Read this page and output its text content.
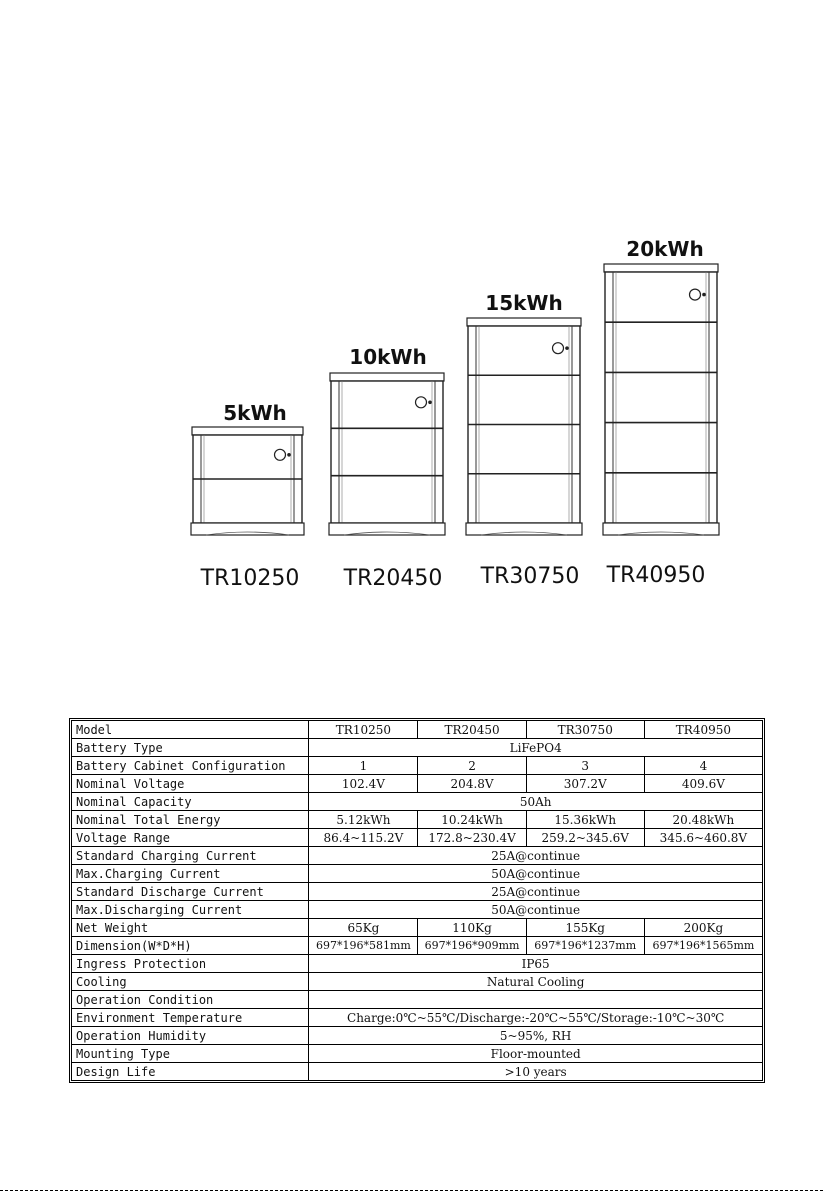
5kWh
10kWh
15kWh
20kWh
TR10250 TR20450 TR30750 TR40950
Model	TR10250	TR20450	TR30750	TR40950
Battery Type	LiFePO4			
Battery Cabinet Configuration	1	2	3	4
Nominal Voltage	102.4V	204.8V	307.2V	409.6V
Nominal Capacity	50Ah			
Nominal Total Energy	5.12kWh	10.24kWh	15.36kWh	20.48kWh
Voltage Range	86.4~115.2V	172.8~230.4V	259.2~345.6V	345.6~460.8V
Standard Charging Current	25A@continue			
Max.Charging Current	50A@continue			
Standard Discharge Current	25A@continue			
Max.Discharging Current	50A@continue			
Net Weight	65Kg	110Kg	155Kg	200Kg
Dimension(W*D*H)	697*196*581mm	697*196*909mm	697*196*1237mm	697*196*1565mm
Ingress Protection	IP65			
Cooling	Natural Cooling			
Operation Condition				
Environment Temperature	Charge:0℃~55℃/Discharge:-20℃~55℃/Storage:-10℃~30℃			
Operation Humidity	5~95%, RH			
Mounting Type	Floor-mounted			
Design Life	>10 years			
